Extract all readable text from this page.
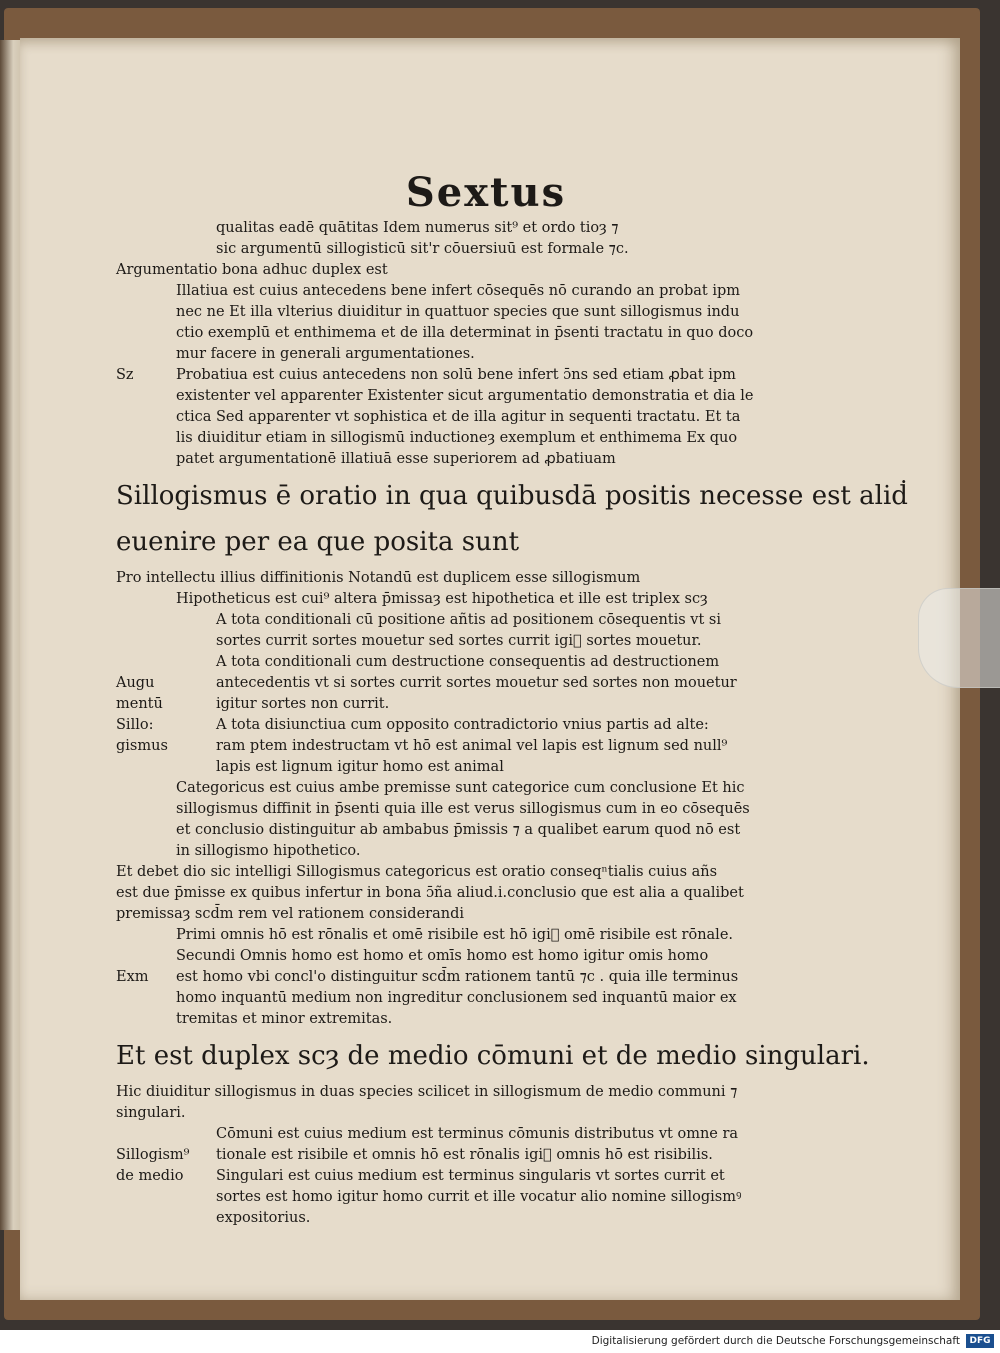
Sextus
qualitas eadē quātitas Idem numerus sit⁹ et ordo tioȝ ⁊
sic argumentū sillogisticū sit'r cōuersiuū est formale ⁊c.
Argumentatio bona adhuc duplex est
Illatiua est cuius antecedens bene infert cōsequēs nō curando an probat ipm
nec ne Et illa vlterius diuiditur in quattuor species que sunt sillogismus indu
ctio exemplū et enthimema et de illa determinat in p̄senti tractatu in quo doco
mur facere in generali argumentationes.
Sz	Probatiua est cuius antecedens non solū bene infert ɔ̄ns sed etiam ꝓbat ipm
existenter vel apparenter Existenter sicut argumentatio demonstratia et dia le
ctica Sed apparenter vt sophistica et de illa agitur in sequenti tractatu. Et ta
lis diuiditur etiam in sillogismū inductioneȝ exemplum et enthimema Ex quo
patet argumentationē illatiuā esse superiorem ad ꝓbatiuam
Sillogismus ē oratio in qua quibusdā positis necesse est aliḋ
euenire per ea que posita sunt
Pro intellectu illius diffinitionis Notandū est duplicem esse sillogismum
Hipotheticus est cui⁹ altera p̄missaȝ est hipothetica et ille est triplex scȝ
A tota conditionali cū positione añtis ad positionem cōsequentis vt si
sortes currit sortes mouetur sed sortes currit igiᷣ sortes mouetur.
A tota conditionali cum destructione consequentis ad destructionem
Augu	antecedentis vt si sortes currit sortes mouetur sed sortes non mouetur
mentū	igitur sortes non currit.
Sillo:	A tota disiunctiua cum opposito contradictorio vnius partis ad alte:
gismus	ram ptem indestructam vt hō est animal vel lapis est lignum sed null⁹
lapis est lignum igitur homo est animal
Categoricus est cuius ambe premisse sunt categorice cum conclusione Et hic
sillogismus diffinit in p̄senti quia ille est verus sillogismus cum in eo cōsequēs
et conclusio distinguitur ab ambabus p̄missis ⁊ a qualibet earum quod nō est
in sillogismo hipothetico.
Et debet dio sic intelligi Sillogismus categoricus est oratio conseqⁿtialis cuius añs
est due p̄misse ex quibus infertur in bona ɔ̄ña aliud.i.conclusio que est alia a qualibet
premissaȝ scd̄m rem vel rationem considerandi
Primi omnis hō est rōnalis et omē risibile est hō igiᷣ omē risibile est rōnale.
Secundi Omnis homo est homo et omīs homo est homo igitur omis homo
Exm est homo vbi concl'o distinguitur scd̄m rationem tantū ⁊c . quia ille terminus
homo inquantū medium non ingreditur conclusionem sed inquantū maior ex
tremitas et minor extremitas.
Et est duplex scȝ de medio cōmuni et de medio singulari.
Hic diuiditur sillogismus in duas species scilicet in sillogismum de medio communi ⁊
singulari.
Cōmuni est cuius medium est terminus cōmunis distributus vt omne ra
Sillogism⁹ tionale est risibile et omnis hō est rōnalis igiᷣ omnis hō est risibilis.
de medio Singulari est cuius medium est terminus singularis vt sortes currit et
sortes est homo igitur homo currit et ille vocatur alio nomine sillogismꝰ
expositorius.
Digitalisierung gefördert durch die Deutsche Forschungsgemeinschaft	DFG
